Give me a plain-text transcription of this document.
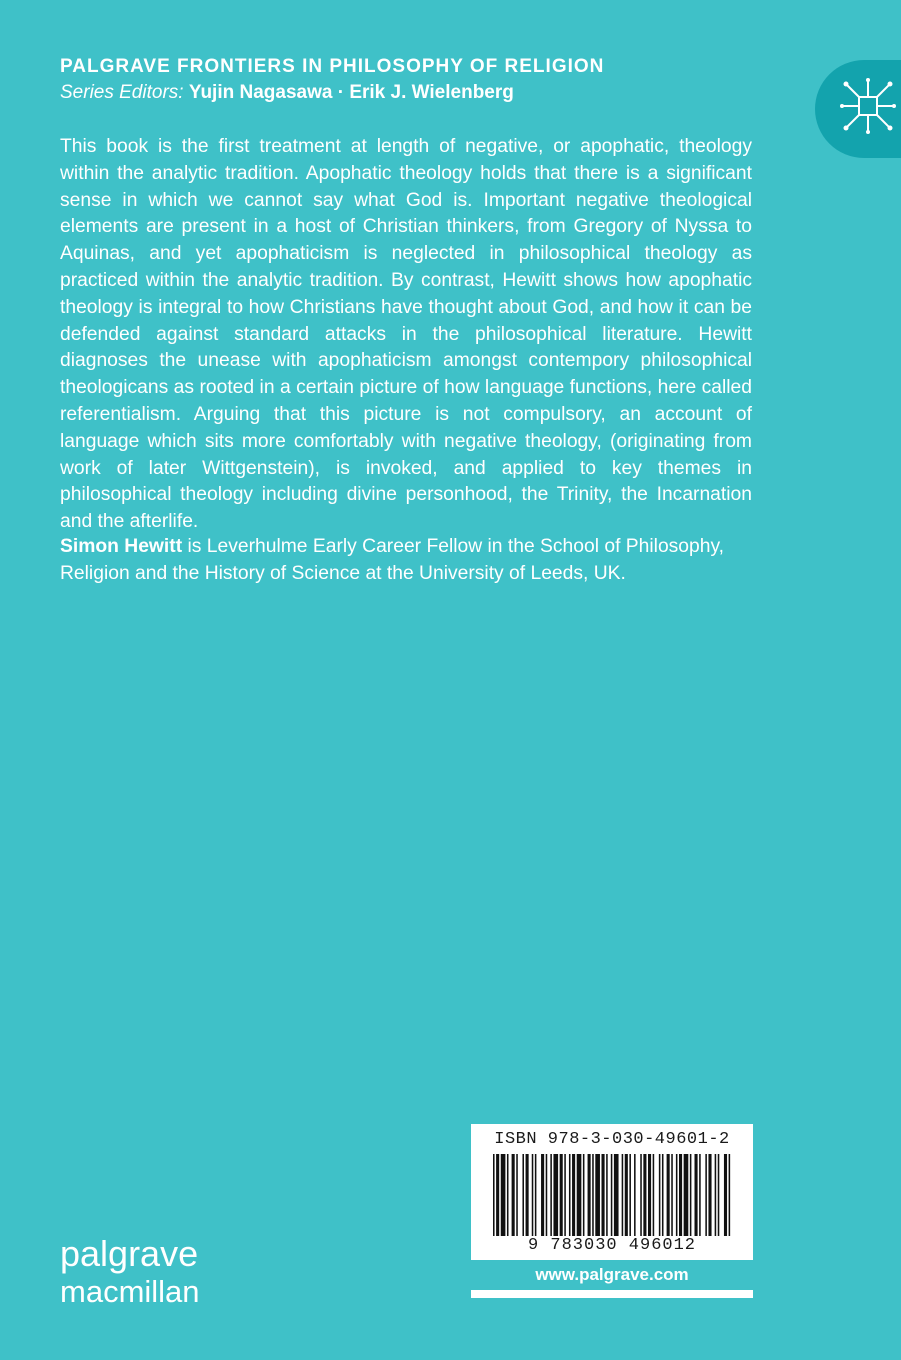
PALGRAVE FRONTIERS IN PHILOSOPHY OF RELIGION
Series Editors: Yujin Nagasawa · Erik J. Wielenberg

This book is the first treatment at length of negative, or apophatic, theology within the analytic tradition. Apophatic theology holds that there is a significant sense in which we cannot say what God is. Important negative theological elements are present in a host of Christian thinkers, from Gregory of Nyssa to Aquinas, and yet apophaticism is neglected in philosophical theology as practiced within the analytic tradition. By contrast, Hewitt shows how apophatic theology is integral to how Christians have thought about God, and how it can be defended against standard attacks in the philosophical literature. Hewitt diagnoses the unease with apophaticism amongst contempory philosophical theologicans as rooted in a certain picture of how language functions, here called referentialism. Arguing that this picture is not compulsory, an account of language which sits more comfortably with negative theology, (originating from work of later Wittgenstein), is invoked, and applied to key themes in philosophical theology including divine personhood, the Trinity, the Incarnation and the afterlife.

Simon Hewitt is Leverhulme Early Career Fellow in the School of Philosophy, Religion and the History of Science at the University of Leeds, UK.

ISBN 978-3-030-49601-2
9 783030 496012
www.palgrave.com
palgrave
macmillan
